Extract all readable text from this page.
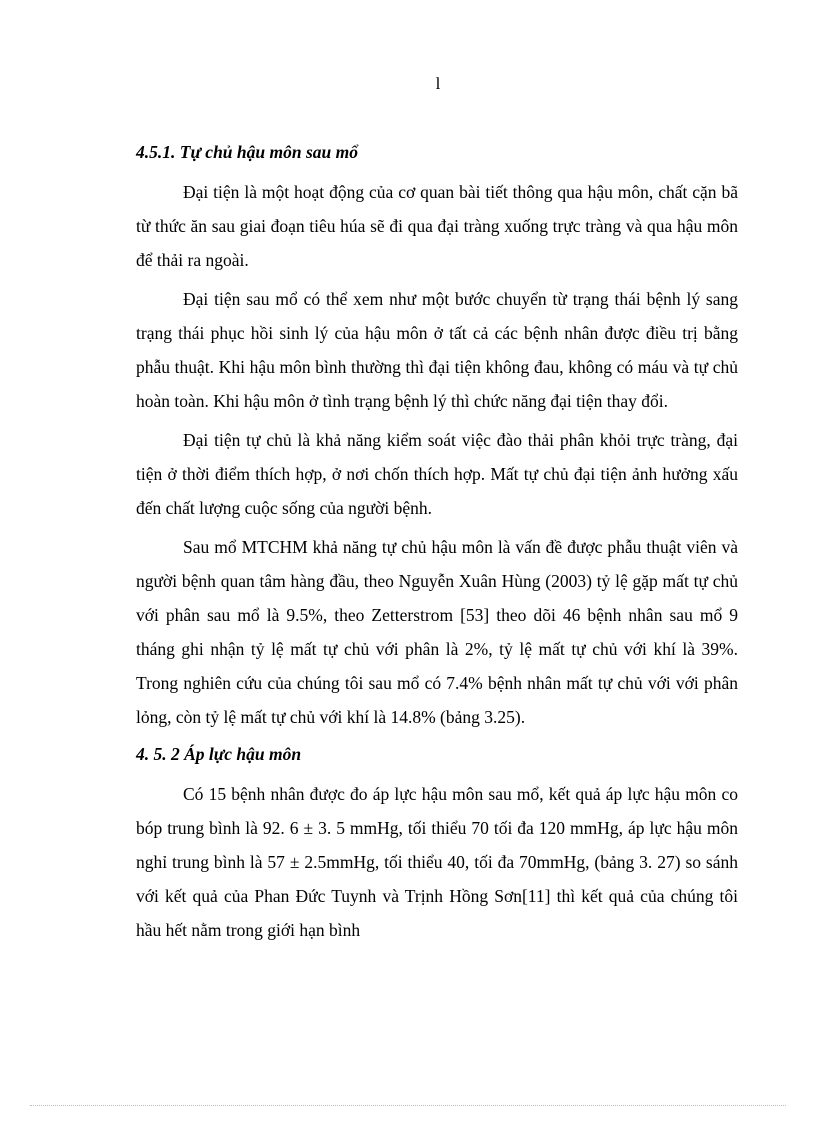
l
4.5.1. Tự chủ hậu môn sau mổ

Đại tiện là một hoạt động của cơ quan bài tiết thông qua hậu môn, chất cặn bã từ thức ăn sau giai đoạn tiêu húa sẽ đi qua đại tràng xuống trực tràng và qua hậu môn để thải ra ngoài.

Đại tiện sau mổ có thể xem như một bước chuyển từ trạng thái bệnh lý sang trạng thái phục hồi sinh lý của hậu môn ở tất cả các bệnh nhân được điều trị bằng phẫu thuật. Khi hậu môn bình thường thì đại tiện không đau, không có máu và tự chủ hoàn toàn. Khi hậu môn ở tình trạng bệnh lý thì chức năng đại tiện thay đổi.

Đại tiện tự chủ là khả năng kiểm soát việc đào thải phân khỏi trực tràng, đại tiện ở thời điểm thích hợp, ở nơi chốn thích hợp. Mất tự chủ đại tiện ảnh hưởng xấu đến chất lượng cuộc sống của người bệnh.

Sau mổ MTCHM khả năng tự chủ hậu môn là vấn đề được phẫu thuật viên và người bệnh quan tâm hàng đầu, theo Nguyễn Xuân Hùng (2003) tỷ lệ gặp mất tự chủ với phân sau mổ là 9.5%, theo Zetterstrom [53] theo dõi 46 bệnh nhân sau mổ 9 tháng ghi nhận tỷ lệ mất tự chủ với phân là 2%, tỷ lệ mất tự chủ với khí là 39%. Trong nghiên cứu của chúng tôi sau mổ có 7.4% bệnh nhân mất tự chủ với với phân lỏng, còn tỷ lệ mất tự chủ với khí là 14.8% (bảng 3.25).

4. 5. 2 Áp lực hậu môn

Có 15 bệnh nhân được đo áp lực hậu môn sau mổ, kết quả áp lực hậu môn co bóp trung bình là 92. 6 ± 3. 5 mmHg, tối thiểu 70 tối đa 120 mmHg, áp lực hậu môn nghỉ trung bình là 57 ± 2.5mmHg, tối thiểu 40, tối đa 70mmHg, (bảng 3. 27) so sánh với kết quả của Phan Đức Tuynh và Trịnh Hồng Sơn[11] thì kết quả của chúng tôi hầu hết nằm trong giới hạn bình
